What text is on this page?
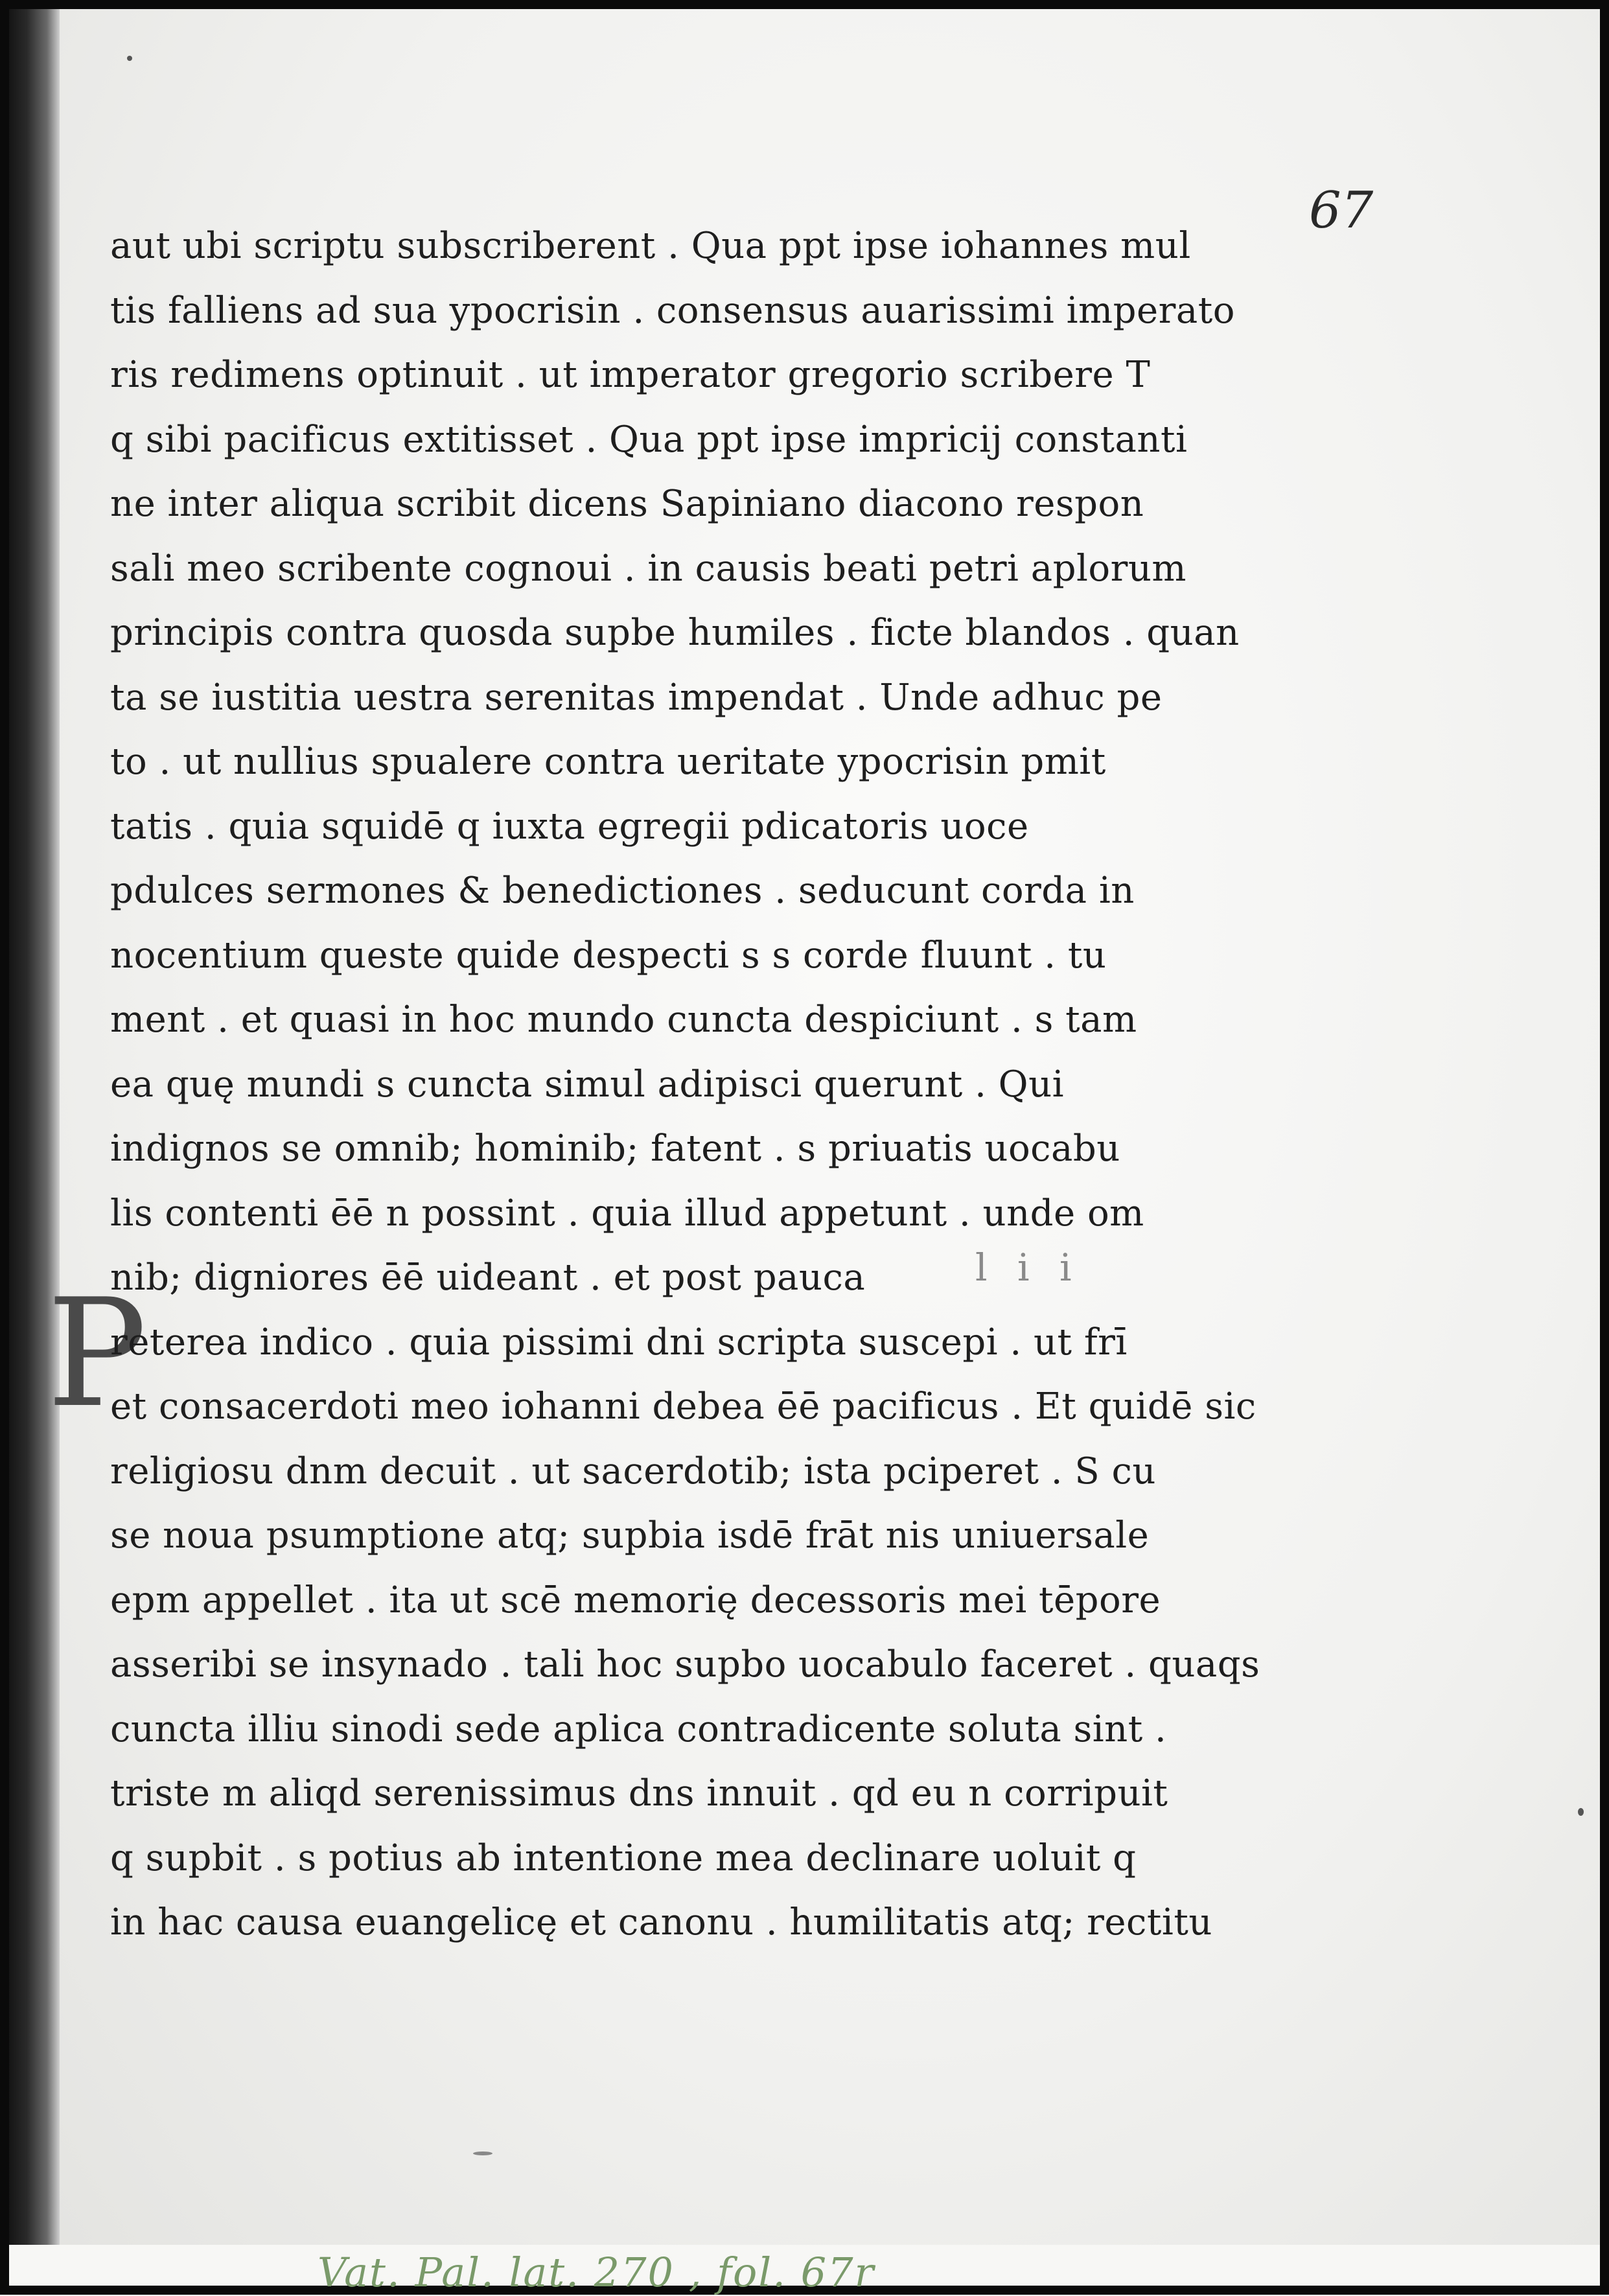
67
P	l i i
aut ubi scriptu subscriberent . Qua ppt ipse iohannes mul
tis falliens ad sua ypocrisin . consensus auarissimi imperato
ris redimens optinuit . ut imperator gregorio scribere T
q sibi pacificus extitisset . Qua ppt ipse impricij constanti
ne inter aliqua scribit dicens Sapiniano diacono respon
sali meo scribente cognoui . in causis beati petri aplorum
principis contra quosda supbe humiles . ficte blandos . quan
ta se iustitia uestra serenitas impendat . Unde adhuc pe
to . ut nullius spualere contra ueritate ypocrisin pmit
tatis . quia squidē q iuxta egregii pdicatoris uoce
pdulces sermones & benedictiones . seducunt corda in
nocentium queste quide despecti s s corde fluunt . tu
ment . et quasi in hoc mundo cuncta despiciunt . s tam
ea quę mundi s cuncta simul adipisci querunt . Qui
indignos se omnib; hominib; fatent . s priuatis uocabu
lis contenti ēē n possint . quia illud appetunt . unde om
nib; digniores ēē uideant . et post pauca
reterea indico . quia pissimi dni scripta suscepi . ut frī
et consacerdoti meo iohanni debea ēē pacificus . Et quidē sic
religiosu dnm decuit . ut sacerdotib; ista pciperet . S cu
se noua psumptione atq; supbia isdē frāt nis uniuersale
epm appellet . ita ut scē memorię decessoris mei tēpore
asseribi se insynado . tali hoc supbo uocabulo faceret . quaqs
cuncta illiu sinodi sede aplica contradicente soluta sint .
triste m aliqd serenissimus dns innuit . qd eu n corripuit
q supbit . s potius ab intentione mea declinare uoluit q
in hac causa euangelicę et canonu . humilitatis atq; rectitu
Vat. Pal. lat. 270 , fol. 67r
